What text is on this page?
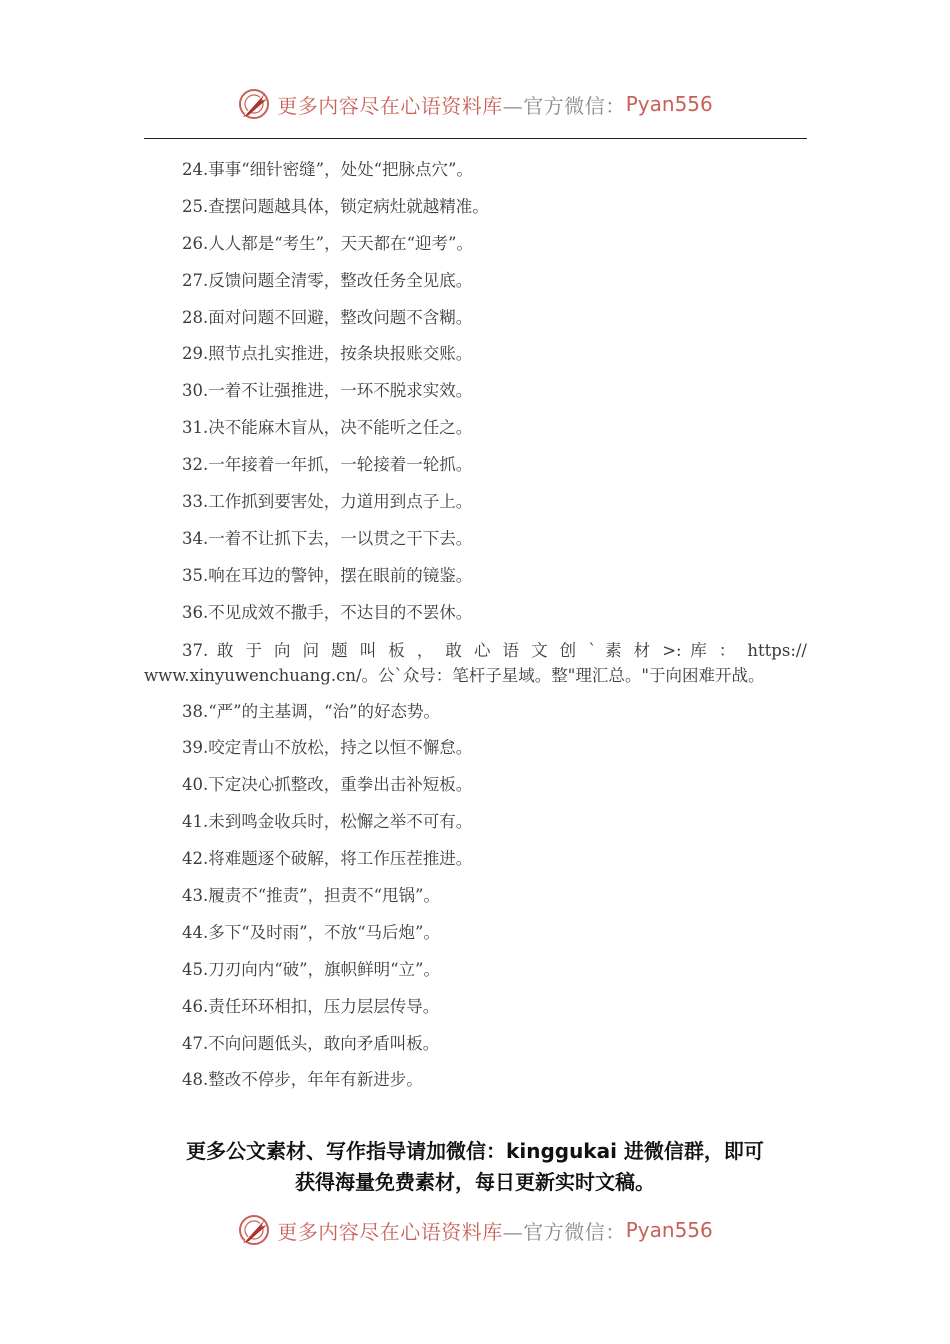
更多内容尽在心语资料库 —官方微信： Pyan556
24.事事“细针密缝”，处处“把脉点穴”。
25.查摆问题越具体，锁定病灶就越精准。
26.人人都是“考生”，天天都在“迎考”。
27.反馈问题全清零，整改任务全见底。
28.面对问题不回避，整改问题不含糊。
29.照节点扎实推进，按条块报账交账。
30.一着不让强推进，一环不脱求实效。
31.决不能麻木盲从，决不能听之任之。
32.一年接着一年抓，一轮接着一轮抓。
33.工作抓到要害处，力道用到点子上。
34.一着不让抓下去，一以贯之干下去。
35.响在耳边的警钟，摆在眼前的镜鉴。
36.不见成效不撒手，不达目的不罢休。
37. 敢 于 向 问 题 叫 板 ， 敢 心 语 文 创 ` 素 材 >: 库 ： https://
www.xinyuwenchuang.cn/。公`众号：笔杆子星域。整"理汇总。"于向困难开战。
38.“严”的主基调，“治”的好态势。
39.咬定青山不放松，持之以恒不懈怠。
40.下定决心抓整改，重拳出击补短板。
41.未到鸣金收兵时，松懈之举不可有。
42.将难题逐个破解，将工作压茬推进。
43.履责不“推责”，担责不“甩锅”。
44.多下“及时雨”，不放“马后炮”。
45.刀刃向内“破”，旗帜鲜明“立”。
46.责任环环相扣，压力层层传导。
47.不向问题低头，敢向矛盾叫板。
48.整改不停步，年年有新进步。
更多公文素材、写作指导请加微信：kinggukai 进微信群，即可
获得海量免费素材，每日更新实时文稿。
更多内容尽在心语资料库 —官方微信： Pyan556
